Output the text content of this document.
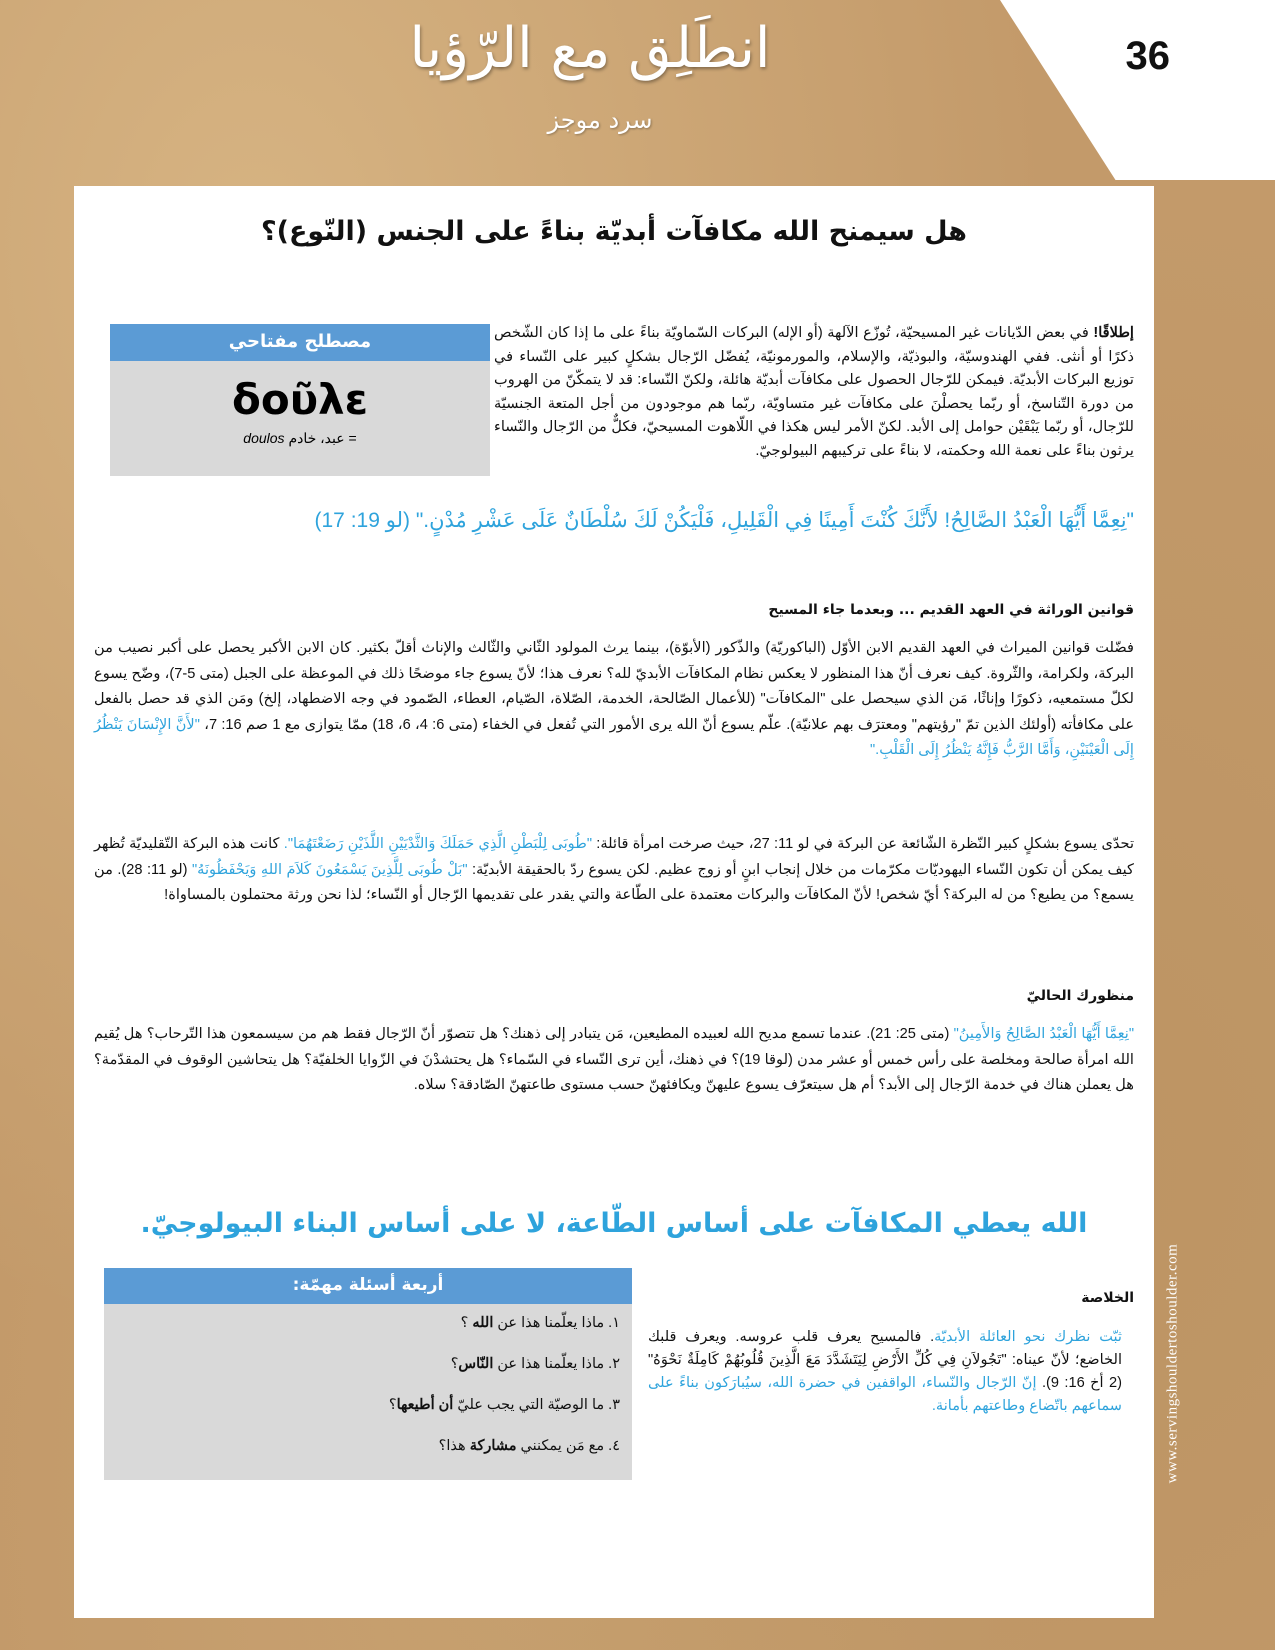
36
انطَلِق مع الرّؤيا
سرد موجز
هل سيمنح الله مكافآت أبديّة بناءً على الجنس (النّوع)؟
مصطلح مفتاحي
δοῦλε
doulos عبد، خادم =
إطلاقًا! في بعض الدّيانات غير المسيحيّة، تُوزّع الآلهة (أو الإله) البركات السّماويّة بناءً على ما إذا كان الشّخص ذكرًا أو أنثى. ففي الهندوسيّة، والبوذيّة، والإسلام، والمورمونيّة، يُفضّل الرّجال بشكلٍ كبير على النّساء في توزيع البركات الأبديّة. فيمكن للرّجال الحصول على مكافآت أبديّة هائلة، ولكنّ النّساء: قد لا يتمكّنّ من الهروب من دورة التّناسخ، أو ربّما يحصلْنَ على مكافآت غير متساويّة، ربّما هم موجودون من أجل المتعة الجنسيّة للرّجال، أو ربّما يَبْقَيْن حوامل إلى الأبد. لكنّ الأمر ليس هكذا في اللّاهوت المسيحيّ، فكلٌّ من الرّجال والنّساء يرثون بناءً على نعمة الله وحكمته، لا بناءً على تركيبهم البيولوجيّ.
"نِعِمَّا أَيُّهَا الْعَبْدُ الصَّالِحُ! لأَنَّكَ كُنْتَ أَمِينًا فِي الْقَلِيلِ، فَلْيَكُنْ لَكَ سُلْطَانٌ عَلَى عَشْرِ مُدْنٍ." (لو 19: 17)
قوانين الوراثة في العهد القديم ... وبعدما جاء المسيح
فضّلت قوانين الميراث في العهد القديم الابن الأوّل (الباكوريّة) والذّكور (الأبوّة)، بينما يرث المولود الثّاني والثّالث والإناث أقلّ بكثير. كان الابن الأكبر يحصل على أكبر نصيب من البركة، ولكرامة، والثّروة. كيف نعرف أنّ هذا المنظور لا يعكس نظام المكافآت الأبديّ لله؟ نعرف هذا؛ لأنّ يسوع جاء موضحًا ذلك في الموعظة على الجبل (متى 5-7)، وضّح يسوع لكلّ مستمعيه، ذكورًا وإناثًا، مَن الذي سيحصل على "المكافآت" (للأعمال الصّالحة، الخدمة، الصّلاة، الصّيام، العطاء، الصّمود في وجه الاضطهاد، إلخ) ومَن الذي قد حصل بالفعل على مكافأته (أولئك الذين تمّ "رؤيتهم" ومعترَف بهم علانيّة). علّم يسوع أنّ الله يرى الأمور التي تُفعل في الخفاء (متى 6: 4، 6، 18) ممّا يتوازى مع 1 صم 16: 7، "لأَنَّ الإِنْسَانَ يَنْظُرُ إِلَى الْعَيْنَيْنِ، وَأَمَّا الرَّبُّ فَإِنَّهُ يَنْظُرُ إِلَى الْقَلْبِ."
تحدّى يسوع بشكلٍ كبير النّظرة الشّائعة عن البركة في لو 11: 27، حيث صرخت امرأة قائلة: "طُوبَى لِلْبَطْنِ الَّذِي حَمَلَكَ وَالثَّدْيَيْنِ اللَّذَيْنِ رَضَعْتَهُمَا". كانت هذه البركة التّقليديّة تُظهر كيف يمكن أن تكون النّساء اليهوديّات مكرّمات من خلال إنجاب ابنٍ أو زوج عظيم. لكن يسوع ردّ بالحقيقة الأبديّة: "بَلْ طُوبَى لِلَّذِينَ يَسْمَعُونَ كَلاَمَ اللهِ وَيَحْفَظُونَهُ" (لو 11: 28). من يسمع؟ من يطيع؟ من له البركة؟ أيّ شخص! لأنّ المكافآت والبركات معتمدة على الطّاعة والتي يقدر على تقديمها الرّجال أو النّساء؛ لذا نحن ورثة محتملون بالمساواة!
منظورك الحاليّ
"نِعِمَّا أَيُّهَا الْعَبْدُ الصَّالِحُ وَالأَمِينُ" (متى 25: 21). عندما تسمع مديح الله لعبيده المطيعين، مَن يتبادر إلى ذهنك؟ هل تتصوّر أنّ الرّجال فقط هم من سيسمعون هذا التّرحاب؟ هل يُقيم الله امرأة صالحة ومخلصة على رأس خمس أو عشر مدن (لوقا 19)؟ في ذهنك، أين ترى النّساء في السّماء؟ هل يحتشدْنَ في الزّوايا الخلفيّة؟ هل يتحاشين الوقوف في المقدّمة؟ هل يعملن هناك في خدمة الرّجال إلى الأبد؟ أم هل سيتعرّف يسوع عليهنّ ويكافئهنّ حسب مستوى طاعتهنّ الصّادقة؟ سلاه.
الله يعطي المكافآت على أساس الطّاعة، لا على أساس البناء البيولوجيّ.
أربعة أسئلة مهمّة:
١. ماذا يعلّمنا هذا عن الله ؟
٢. ماذا يعلّمنا هذا عن النّاس؟
٣. ما الوصيّة التي يجب عليّ أن أطيعها؟
٤. مع مَن يمكنني مشاركة هذا؟
الخلاصة
ثبّت نظرك نحو العائلة الأبديّة. فالمسيح يعرف قلب عروسه. ويعرف قلبك الخاضع؛ لأنّ عيناه: "تَجُولاَنِ فِي كُلِّ الأَرْضِ لِيَتَشَدَّدَ مَعَ الَّذِينَ قُلُوبُهُمْ كَامِلَةٌ نَحْوَهُ" (2 أخ 16: 9). إنّ الرّجال والنّساء، الواقفين في حضرة الله، سيُبارَكون بناءً على سماعهم باتّضاع وطاعتهم بأمانة.	www.servingshouldertoshoulder.com
